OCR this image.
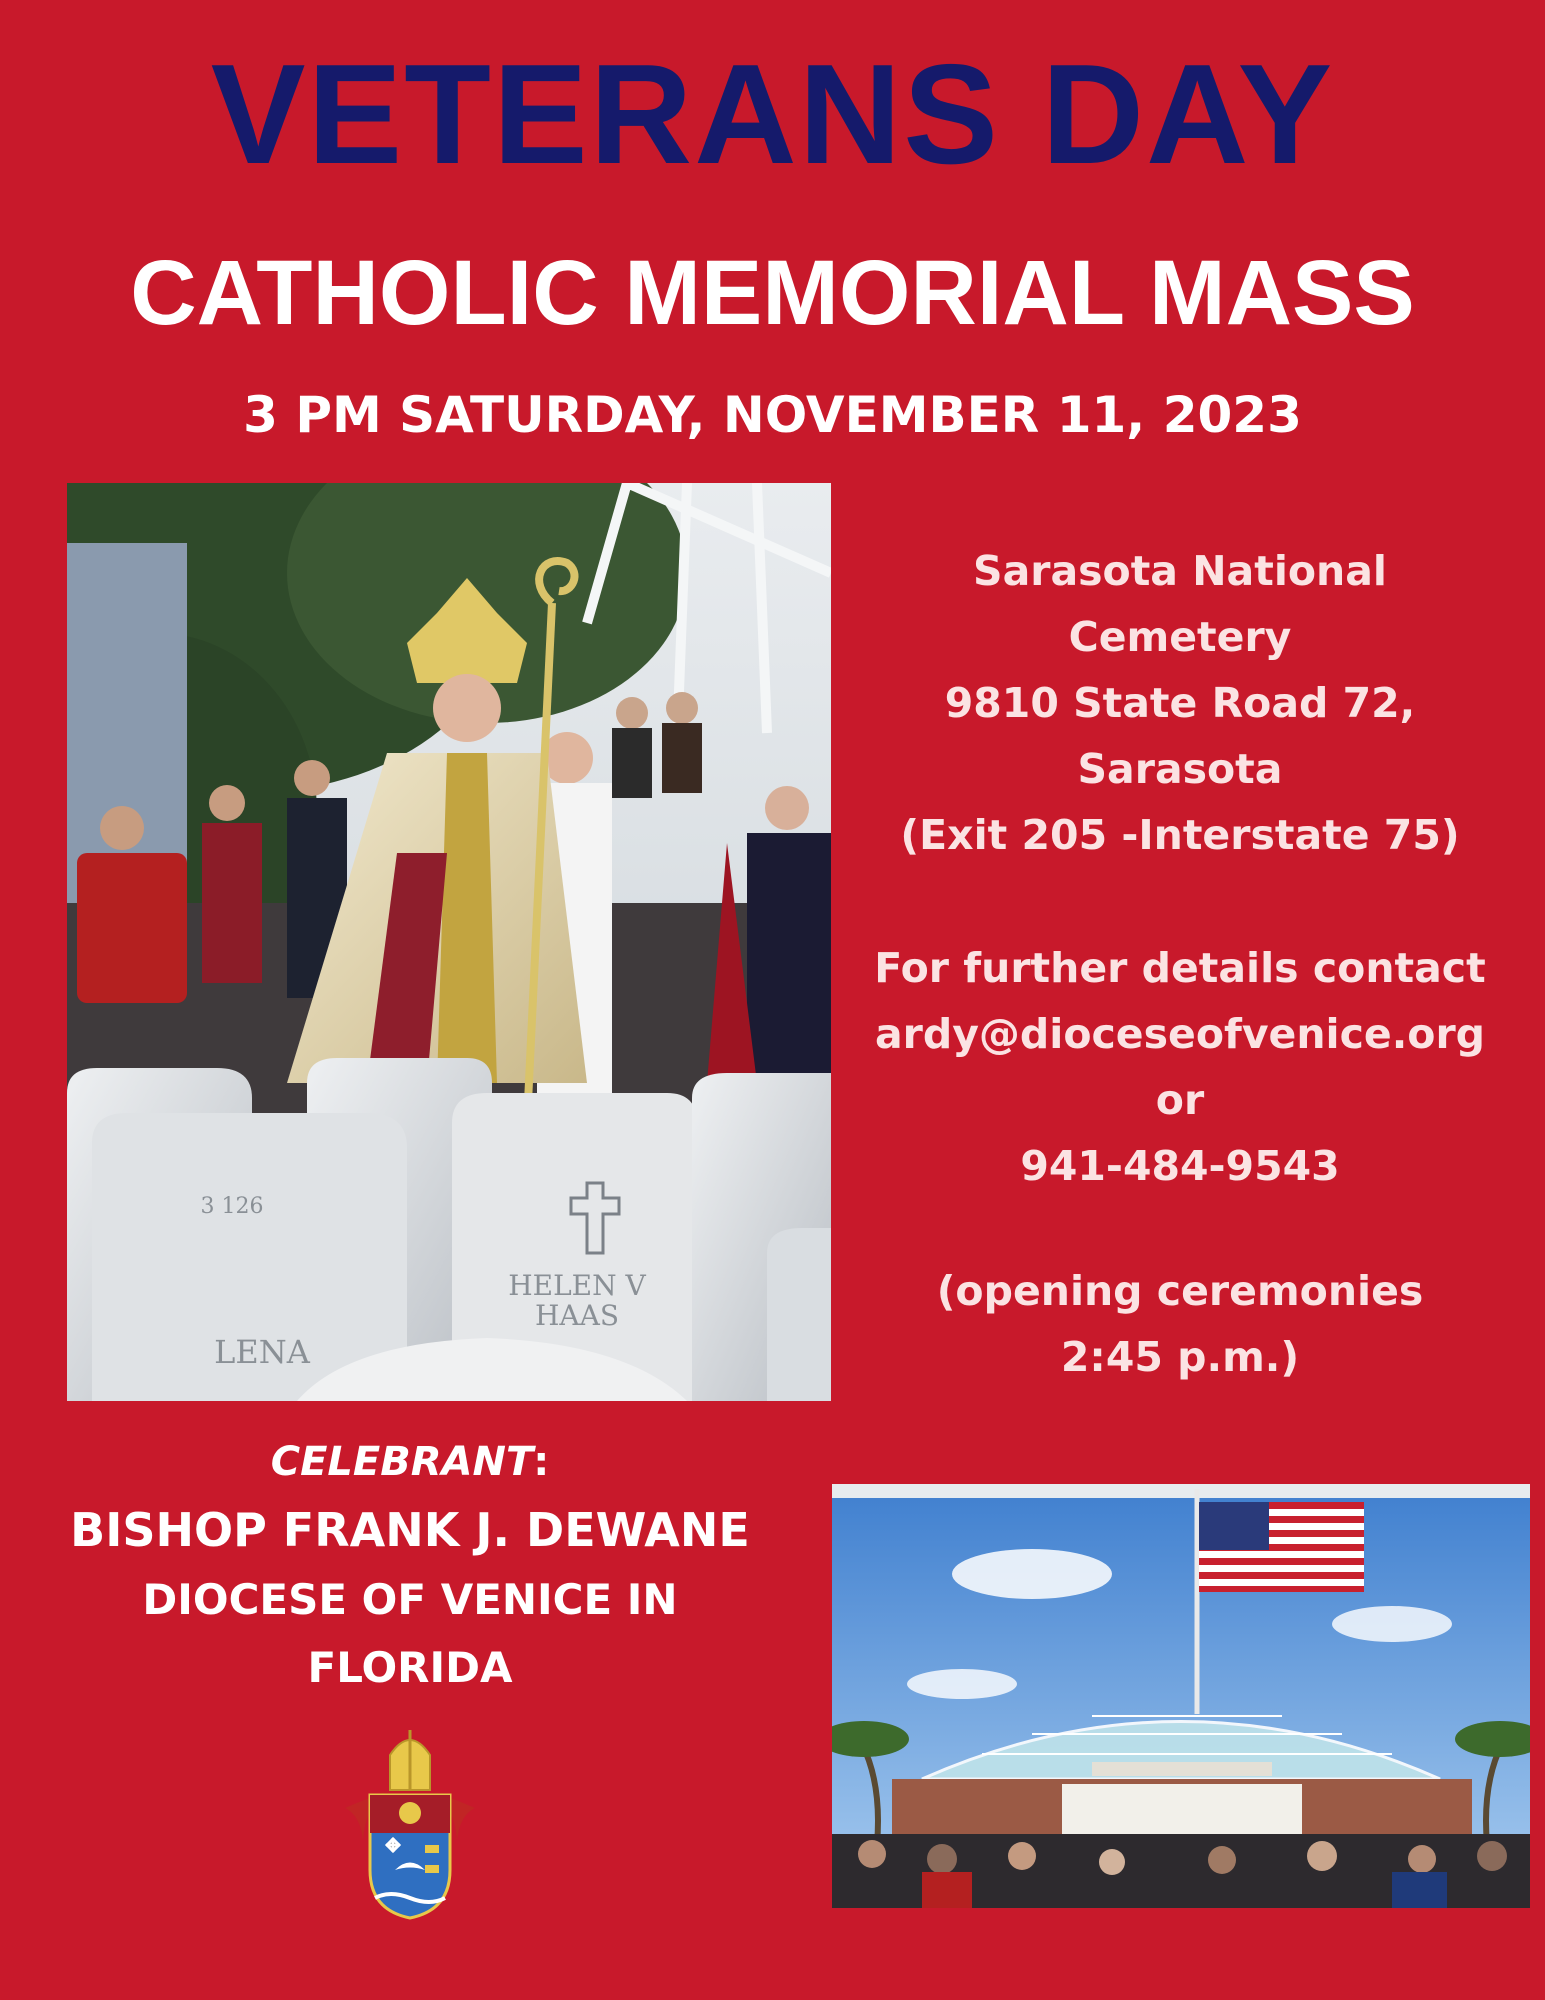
VETERANS DAY
CATHOLIC MEMORIAL MASS
3 PM SATURDAY, NOVEMBER 11, 2023
3 126
HELEN V
HAAS
LENA
Sarasota National
Cemetery
9810 State Road 72,
Sarasota
(Exit 205 -Interstate 75)
For further details contact
ardy@dioceseofvenice.org
or
941-484-9543
(opening ceremonies
2:45 p.m.)
CELEBRANT:
BISHOP FRANK J. DEWANE
DIOCESE OF VENICE IN
FLORIDA
